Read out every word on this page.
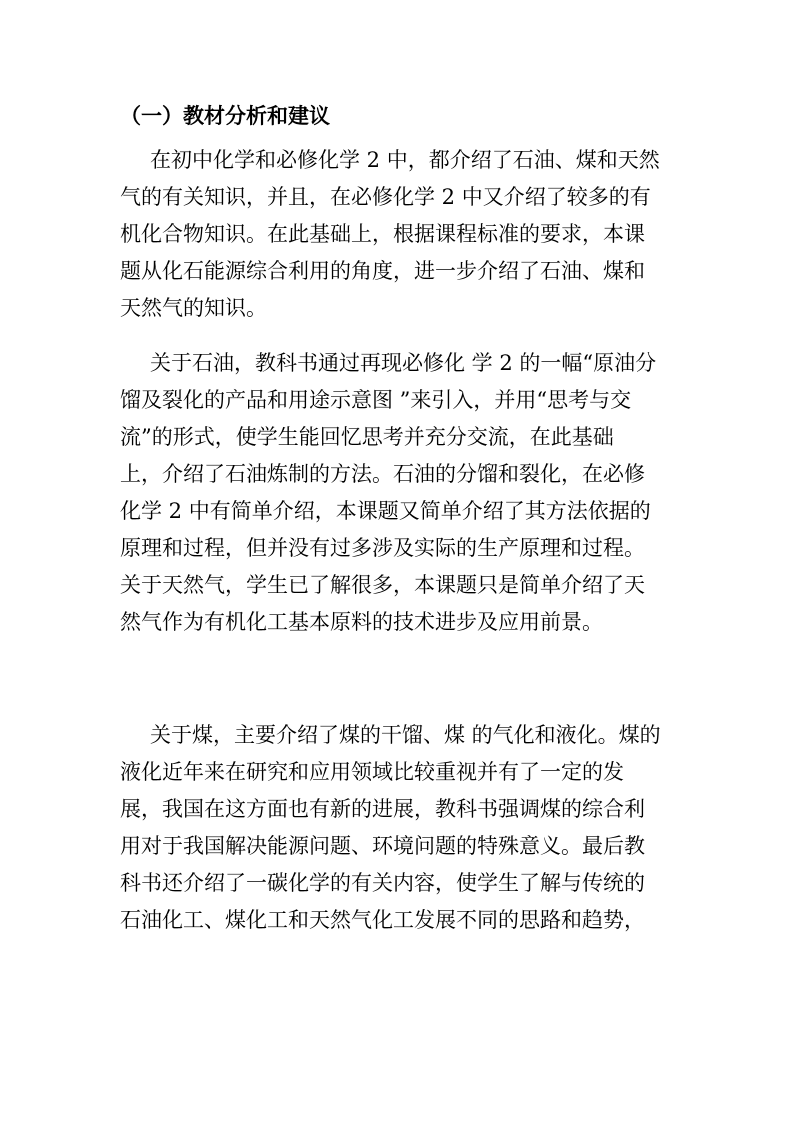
（一）教材分析和建议
在初中化学和必修化学 2 中，都介绍了石油、煤和天然
气的有关知识，并且，在必修化学 2 中又介绍了较多的有
机化合物知识。在此基础上，根据课程标准的要求，本课
题从化石能源综合利用的角度，进一步介绍了石油、煤和
天然气的知识。
关于石油，教科书通过再现必修化 学 2 的一幅“原油分
馏及裂化的产品和用途示意图 ”来引入，并用“思考与交
流”的形式，使学生能回忆思考并充分交流，在此基础
上，介绍了石油炼制的方法。石油的分馏和裂化，在必修
化学 2 中有简单介绍，本课题又简单介绍了其方法依据的
原理和过程，但并没有过多涉及实际的生产原理和过程。
关于天然气，学生已了解很多，本课题只是简单介绍了天
然气作为有机化工基本原料的技术进步及应用前景。
关于煤，主要介绍了煤的干馏、煤 的气化和液化。煤的
液化近年来在研究和应用领域比较重视并有了一定的发
展，我国在这方面也有新的进展，教科书强调煤的综合利
用对于我国解决能源问题、环境问题的特殊意义。最后教
科书还介绍了一碳化学的有关内容，使学生了解与传统的
石油化工、煤化工和天然气化工发展不同的思路和趋势，
